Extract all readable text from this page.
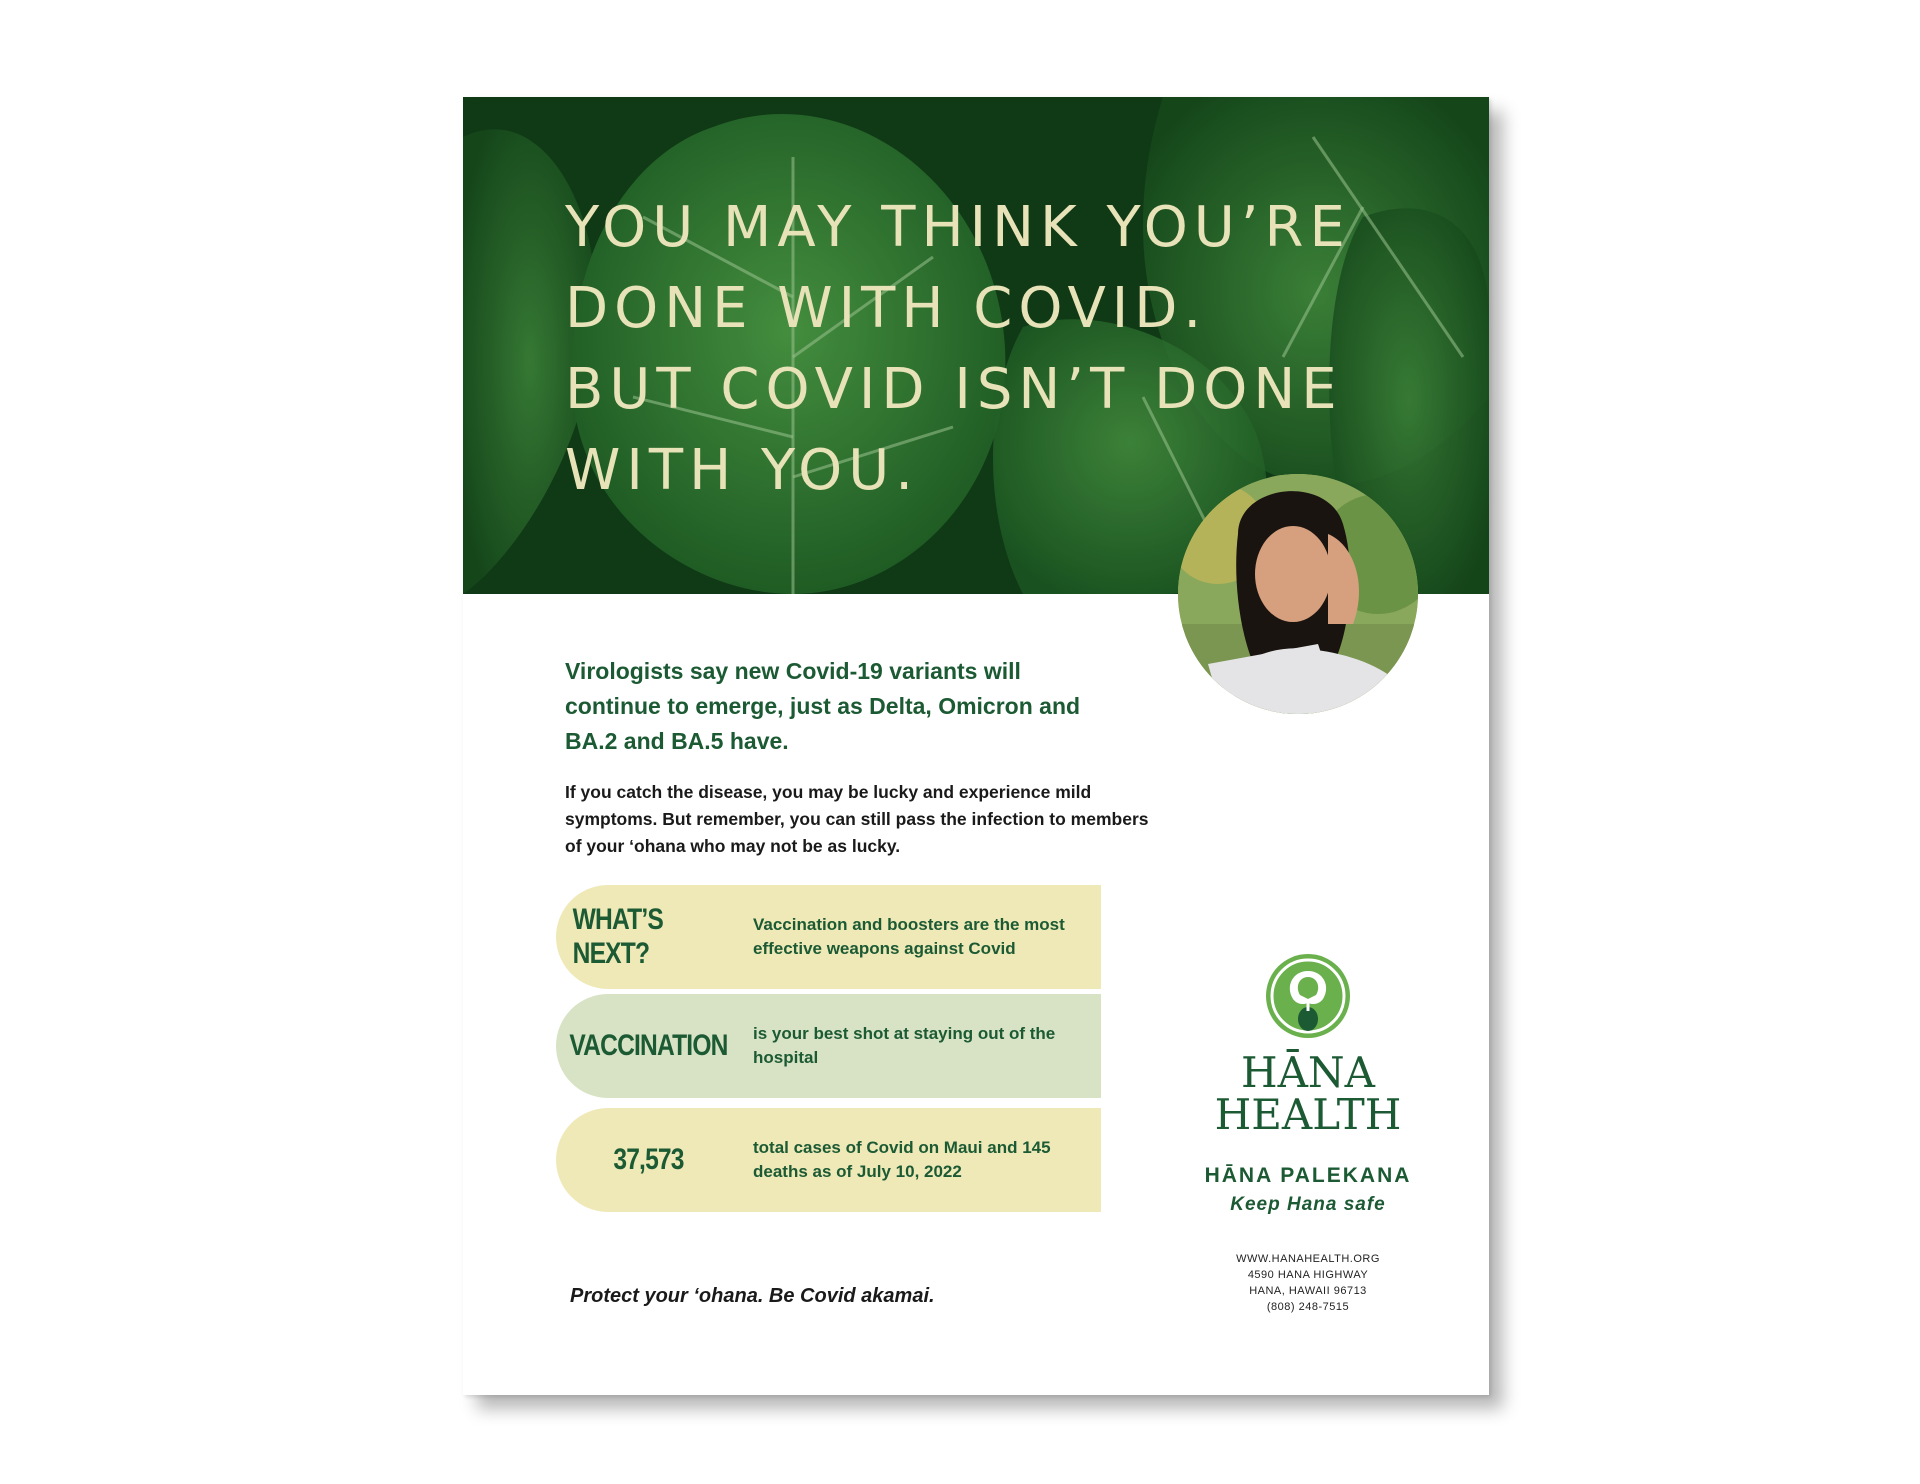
YOU MAY THINK YOU’RE
DONE WITH COVID.
BUT COVID ISN’T DONE
WITH YOU.

Virologists say new Covid-19 variants will continue to emerge, just as Delta, Omicron and BA.2 and BA.5 have.

If you catch the disease, you may be lucky and experience mild symptoms. But remember, you can still pass the infection to members of your ‘ohana who may not be as lucky.

WHAT’S NEXT?
Vaccination and boosters are the most effective weapons against Covid
VACCINATION is your best shot at staying out of the hospital
37,573	total cases of Covid on Maui and 145 deaths as of July 10, 2022

Protect your ‘ohana. Be Covid akamai.

HĀNA
HEALTH
HĀNA PALEKANA
Keep Hana safe
WWW.HANAHEALTH.ORG
4590 HANA HIGHWAY
HANA, HAWAII 96713
(808) 248-7515
